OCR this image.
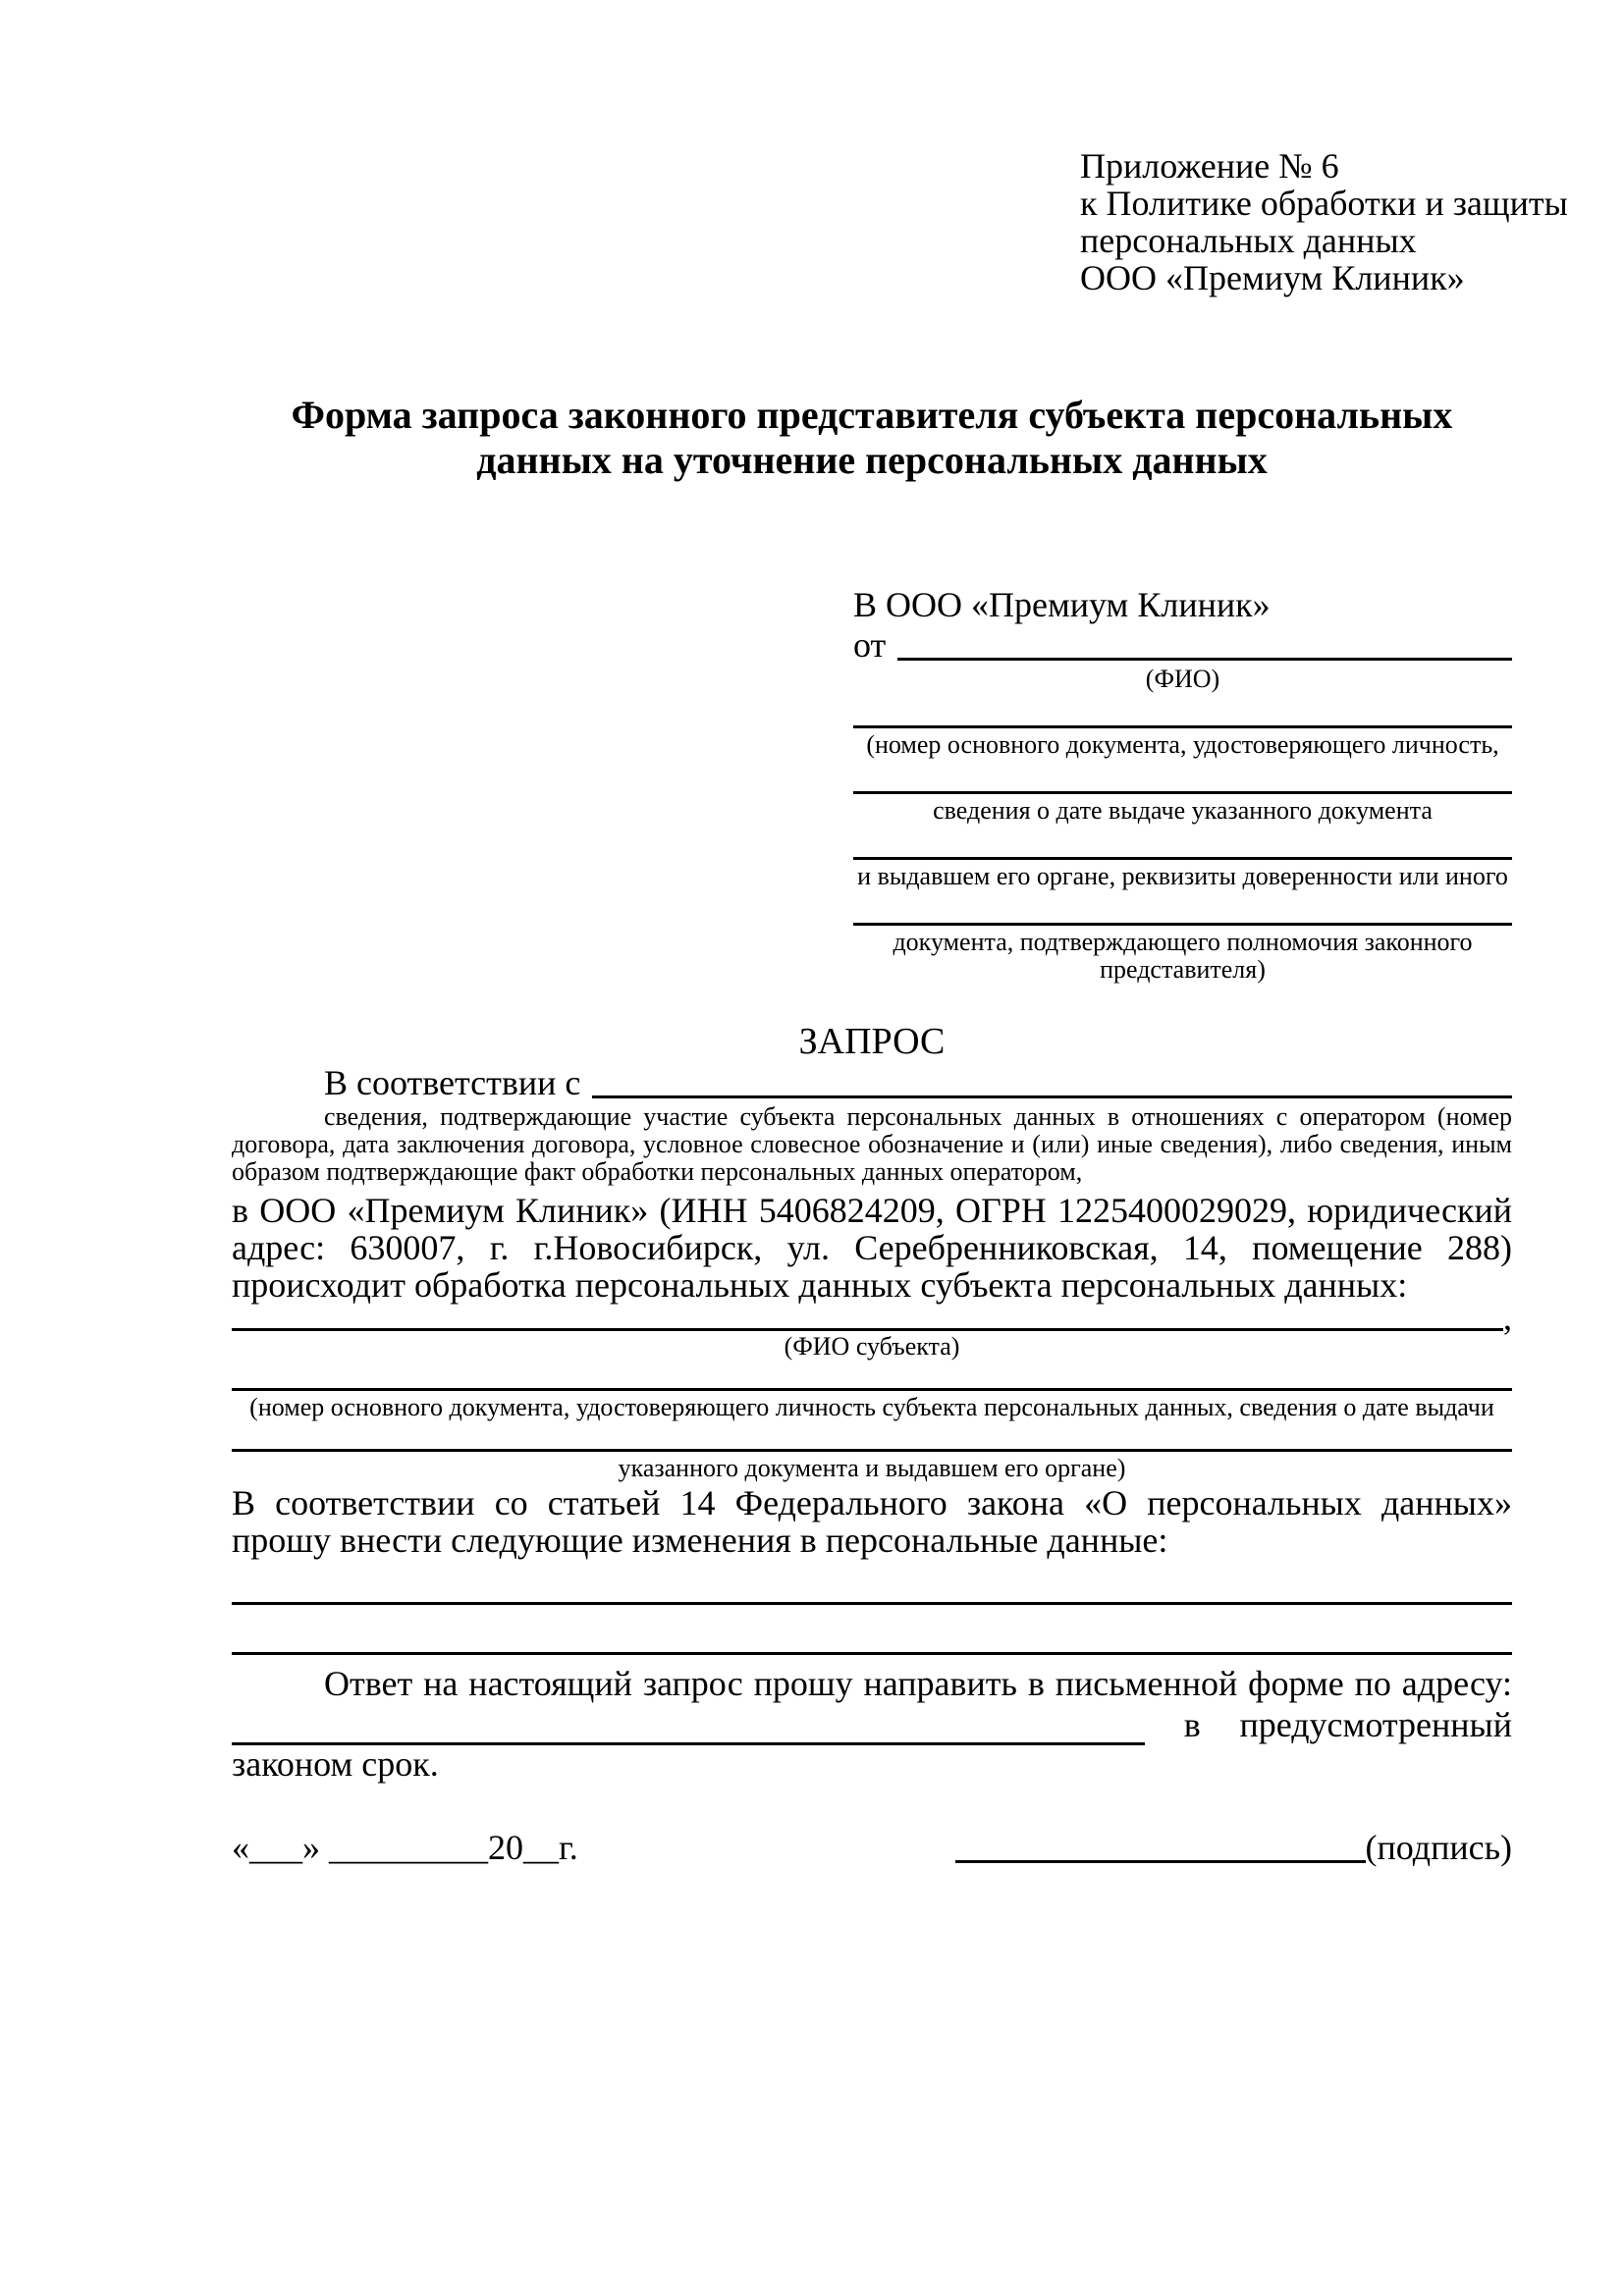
Приложение № 6
к Политике обработки и защиты
персональных данных
ООО «Премиум Клиник»
Форма запроса законного представителя субъекта персональных данных на уточнение персональных данных
В ООО «Премиум Клиник»
от
(ФИО)
(номер основного документа, удостоверяющего личность,
сведения о дате выдаче указанного документа
и выдавшем его органе, реквизиты доверенности или иного
документа, подтверждающего полномочия законного представителя)
ЗАПРОС
В соответствии с
сведения, подтверждающие участие субъекта персональных данных в отношениях с оператором (номер договора, дата заключения договора, условное словесное обозначение и (или) иные сведения), либо сведения, иным образом подтверждающие факт обработки персональных данных оператором,
в ООО «Премиум Клиник» (ИНН 5406824209, ОГРН 1225400029029, юридический адрес: 630007, г. г.Новосибирск, ул. Серебренниковская, 14, помещение 288) происходит обработка персональных данных субъекта персональных данных:
,
(ФИО субъекта)
(номер основного документа, удостоверяющего личность субъекта персональных данных, сведения о дате выдачи
указанного документа и выдавшем его органе)
В соответствии со статьей 14 Федерального закона «О персональных данных» прошу внести следующие изменения в персональные данные:
Ответ на настоящий запрос прошу направить в письменной форме по адресу:
в предусмотренный
законом срок.
«___» _________20__г.	(подпись)
